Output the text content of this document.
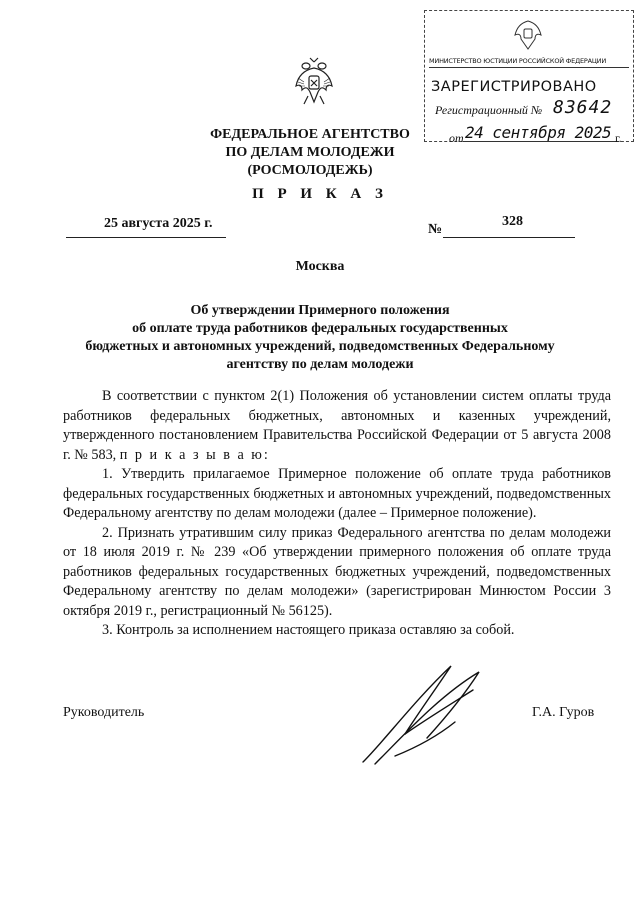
ФЕДЕРАЛЬНОЕ АГЕНТСТВО
ПО ДЕЛАМ МОЛОДЕЖИ
(РОСМОЛОДЕЖЬ)
П Р И К А З
25 августа 2025 г.	№
328
Москва
Об утверждении Примерного положения
об оплате труда работников федеральных государственных
бюджетных и автономных учреждений, подведомственных Федеральному
агентству по делам молодежи

В соответствии с пунктом 2(1) Положения об установлении систем оплаты труда работников федеральных бюджетных, автономных и казенных учреждений, утвержденного постановлением Правительства Российской Федерации от 5 августа 2008 г. № 583, п р и к а з ы в а ю:

1. Утвердить прилагаемое Примерное положение об оплате труда работников федеральных государственных бюджетных и автономных учреждений, подведомственных Федеральному агентству по делам молодежи (далее – Примерное положение).

2. Признать утратившим силу приказ Федерального агентства по делам молодежи от 18 июля 2019 г. № 239 «Об утверждении примерного положения об оплате труда работников федеральных государственных бюджетных учреждений, подведомственных Федеральному агентству по делам молодежи» (зарегистрирован Минюстом России 3 октября 2019 г., регистрационный № 56125).

3. Контроль за исполнением настоящего приказа оставляю за собой.

Руководитель	Г.А. Гуров
МИНИСТЕРСТВО ЮСТИЦИИ РОССИЙСКОЙ ФЕДЕРАЦИИ
ЗАРЕГИСТРИРОВАНО
Регистрационный № 83642
от 24 сентября 2025 г.
